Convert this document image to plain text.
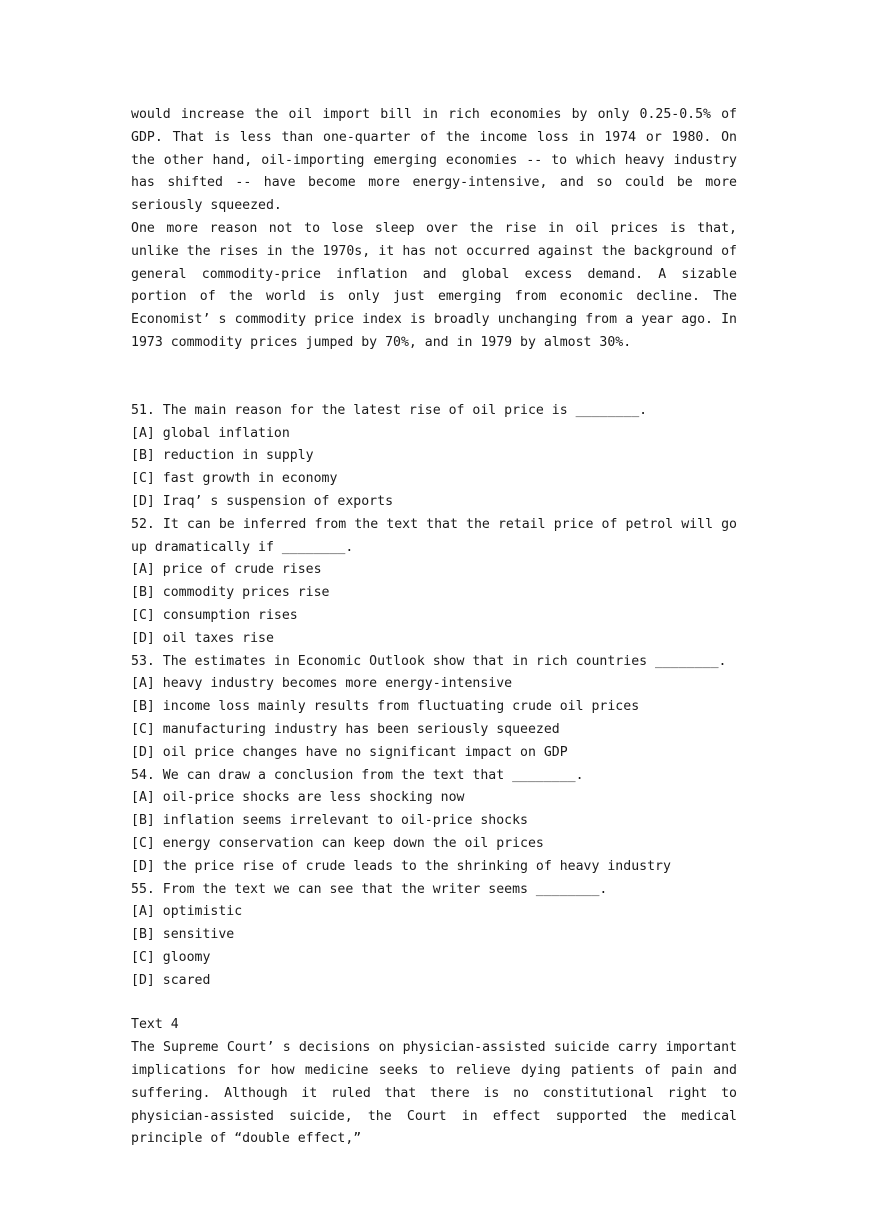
would increase the oil import bill in rich economies by only 0.25-0.5% of GDP. That is less than one-quarter of the income loss in 1974 or 1980. On the other hand, oil-importing emerging economies -- to which heavy industry has shifted -- have become more energy-intensive, and so could be more seriously squeezed.

One more reason not to lose sleep over the rise in oil prices is that, unlike the rises in the 1970s, it has not occurred against the background of general commodity-price inflation and global excess demand. A sizable portion of the world is only just emerging from economic decline. The Economist’ s commodity price index is broadly unchanging from a year ago. In 1973 commodity prices jumped by 70%, and in 1979 by almost 30%.

51. The main reason for the latest rise of oil price is ________.

[A] global inflation

[B] reduction in supply

[C] fast growth in economy

[D] Iraq’ s suspension of exports

52. It can be inferred from the text that the retail price of petrol will go up dramatically if ________.

[A] price of crude rises

[B] commodity prices rise

[C] consumption rises

[D] oil taxes rise

53. The estimates in Economic Outlook show that in rich countries ________.

[A] heavy industry becomes more energy-intensive

[B] income loss mainly results from fluctuating crude oil prices

[C] manufacturing industry has been seriously squeezed

[D] oil price changes have no significant impact on GDP

54. We can draw a conclusion from the text that ________.

[A] oil-price shocks are less shocking now

[B] inflation seems irrelevant to oil-price shocks

[C] energy conservation can keep down the oil prices

[D] the price rise of crude leads to the shrinking of heavy industry

55. From the text we can see that the writer seems ________.

[A] optimistic

[B] sensitive

[C] gloomy

[D] scared

Text 4

The Supreme Court’ s decisions on physician-assisted suicide carry important implications for how medicine seeks to relieve dying patients of pain and suffering. Although it ruled that there is no constitutional right to physician-assisted suicide, the Court in effect supported the medical principle of “double effect,”
